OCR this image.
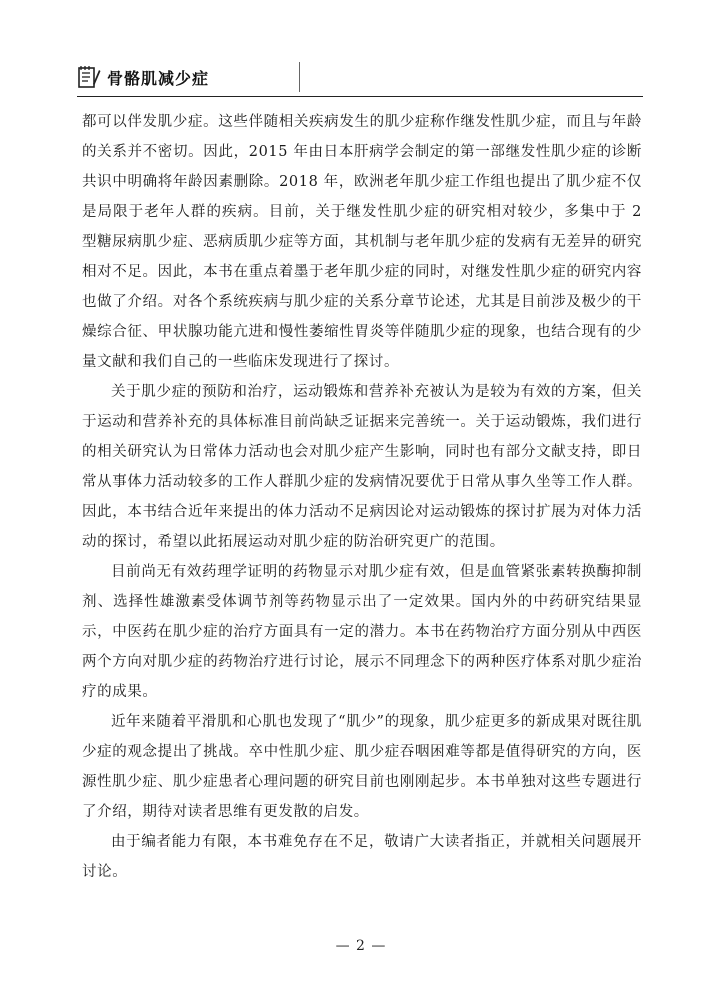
骨骼肌减少症

都可以伴发肌少症。这些伴随相关疾病发生的肌少症称作继发性肌少症，而且与年龄的关系并不密切。因此，2015 年由日本肝病学会制定的第一部继发性肌少症的诊断共识中明确将年龄因素删除。2018 年，欧洲老年肌少症工作组也提出了肌少症不仅是局限于老年人群的疾病。目前，关于继发性肌少症的研究相对较少，多集中于 2 型糖尿病肌少症、恶病质肌少症等方面，其机制与老年肌少症的发病有无差异的研究相对不足。因此，本书在重点着墨于老年肌少症的同时，对继发性肌少症的研究内容也做了介绍。对各个系统疾病与肌少症的关系分章节论述，尤其是目前涉及极少的干燥综合征、甲状腺功能亢进和慢性萎缩性胃炎等伴随肌少症的现象，也结合现有的少量文献和我们自己的一些临床发现进行了探讨。

关于肌少症的预防和治疗，运动锻炼和营养补充被认为是较为有效的方案，但关于运动和营养补充的具体标准目前尚缺乏证据来完善统一。关于运动锻炼，我们进行的相关研究认为日常体力活动也会对肌少症产生影响，同时也有部分文献支持，即日常从事体力活动较多的工作人群肌少症的发病情况要优于日常从事久坐等工作人群。因此，本书结合近年来提出的体力活动不足病因论对运动锻炼的探讨扩展为对体力活动的探讨，希望以此拓展运动对肌少症的防治研究更广的范围。

目前尚无有效药理学证明的药物显示对肌少症有效，但是血管紧张素转换酶抑制剂、选择性雄激素受体调节剂等药物显示出了一定效果。国内外的中药研究结果显示，中医药在肌少症的治疗方面具有一定的潜力。本书在药物治疗方面分别从中西医两个方向对肌少症的药物治疗进行讨论，展示不同理念下的两种医疗体系对肌少症治疗的成果。

近年来随着平滑肌和心肌也发现了“肌少”的现象，肌少症更多的新成果对既往肌少症的观念提出了挑战。卒中性肌少症、肌少症吞咽困难等都是值得研究的方向，医源性肌少症、肌少症患者心理问题的研究目前也刚刚起步。本书单独对这些专题进行了介绍，期待对读者思维有更发散的启发。

由于编者能力有限，本书难免存在不足，敬请广大读者指正，并就相关问题展开讨论。

— 2 —
